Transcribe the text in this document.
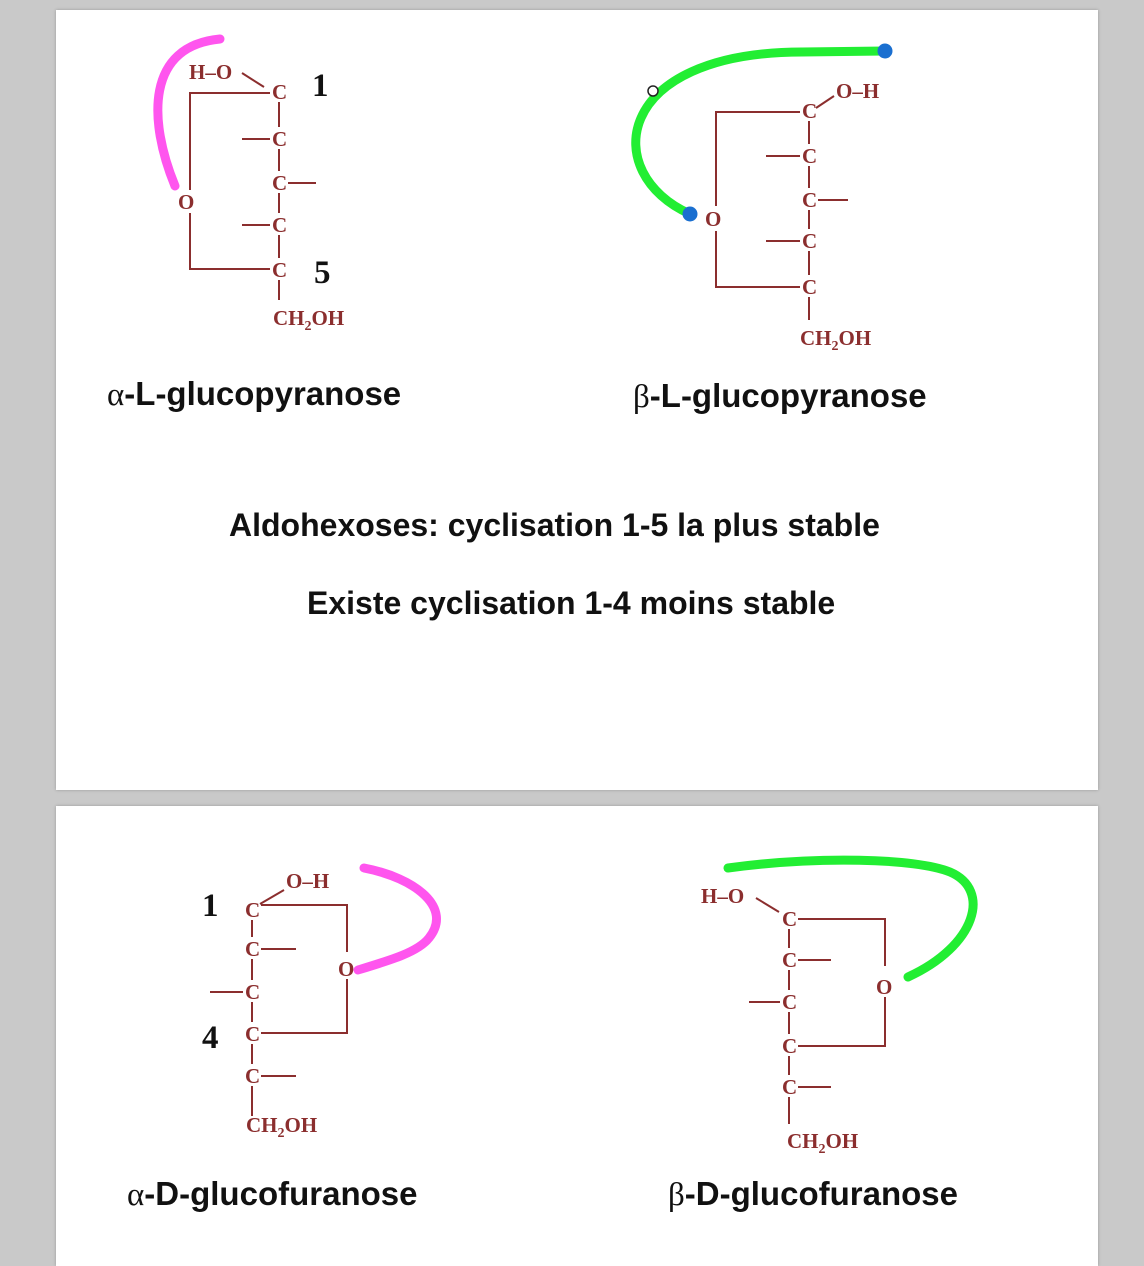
H–O 1
C
C
C
C
C 5
O
$CH_2OH$
C
O–H
C
C
C
C
O
$CH_2OH$
α-L-glucopyranose	β-L-glucopyranose
Aldohexoses: cyclisation 1-5 la plus stable
Existe cyclisation 1-4 moins stable
1 C
O–H
C
C
4 C
C
O
$CH_2OH$
H–O
C
C
C
C
C
O
$CH_2OH$
α-D-glucofuranose	β-D-glucofuranose
